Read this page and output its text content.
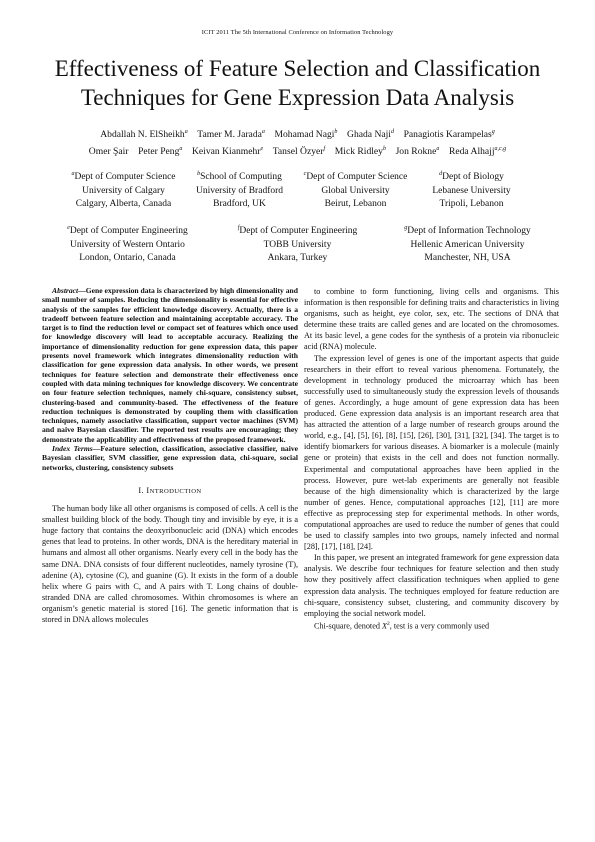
ICIT 2011 The 5th International Conference on Information Technology
Effectiveness of Feature Selection and Classification Techniques for Gene Expression Data Analysis
Abdallah N. ElSheikh$^a$  Tamer M. Jarada$^a$  Mohamad Nagi$^b$  Ghada Naji$^d$  Panagiotis Karampelas$^g$
Omer Şair  Peter Peng$^a$  Keivan Kianmehr$^e$  Tansel Özyer$^f$  Mick Ridley$^b$  Jon Rokne$^a$  Reda Alhajj$^{a,c,g}$
$^a$Dept of Computer Science
University of Calgary
Calgary, Alberta, Canada
$^b$School of Computing
University of Bradford
Bradford, UK
$^c$Dept of Computer Science
Global University
Beirut, Lebanon
$^d$Dept of Biology
Lebanese University
Tripoli, Lebanon
$^e$Dept of Computer Engineering
University of Western Ontario
London, Ontario, Canada
$^f$Dept of Computer Engineering
TOBB University
Ankara, Turkey
$^g$Dept of Information Technology
Hellenic American University
Manchester, NH, USA

Abstract—Gene expression data is characterized by high dimensionality and small number of samples. Reducing the dimensionality is essential for effective analysis of the samples for efficient knowledge discovery. Actually, there is a tradeoff between feature selection and maintaining acceptable accuracy. The target is to find the reduction level or compact set of features which once used for knowledge discovery will lead to acceptable accuracy. Realizing the importance of dimensionality reduction for gene expression data, this paper presents novel framework which integrates dimensionality reduction with classification for gene expression data analysis. In other words, we present techniques for feature selection and demonstrate their effectiveness once coupled with data mining techniques for knowledge discovery. We concentrate on four feature selection techniques, namely chi-square, consistency subset, clustering-based and community-based. The effectiveness of the feature reduction techniques is demonstrated by coupling them with classification techniques, namely associative classification, support vector machines (SVM) and naive Bayesian classifier. The reported test results are encouraging; they demonstrate the applicability and effectiveness of the proposed framework.

Index Terms—Feature selection, classification, associative classifier, naive Bayesian classifier, SVM classifier, gene expression data, chi-square, social networks, clustering, consistency subsets

I. INTRODUCTION

The human body like all other organisms is composed of cells. A cell is the smallest building block of the body. Though tiny and invisible by eye, it is a huge factory that contains the deoxyribonucleic acid (DNA) which encodes genes that lead to proteins. In other words, DNA is the hereditary material in humans and almost all other organisms. Nearly every cell in the body has the same DNA. DNA consists of four different nucleotides, namely tyrosine (T), adenine (A), cytosine (C), and guanine (G). It exists in the form of a double helix where G pairs with C, and A pairs with T. Long chains of double-stranded DNA are called chromosomes. Within chromosomes is where an organism’s genetic material is stored [16]. The genetic information that is stored in DNA allows molecules

to combine to form functioning, living cells and organisms. This information is then responsible for defining traits and characteristics in living organisms, such as height, eye color, sex, etc. The sections of DNA that determine these traits are called genes and are located on the chromosomes. At its basic level, a gene codes for the synthesis of a protein via ribonucleic acid (RNA) molecule.

The expression level of genes is one of the important aspects that guide researchers in their effort to reveal various phenomena. Fortunately, the development in technology produced the microarray which has been successfully used to simultaneously study the expression levels of thousands of genes. Accordingly, a huge amount of gene expression data has been produced. Gene expression data analysis is an important research area that has attracted the attention of a large number of research groups around the world, e.g., [4], [5], [6], [8], [15], [26], [30], [31], [32], [34]. The target is to identify biomarkers for various diseases. A biomarker is a molecule (mainly gene or protein) that exists in the cell and does not function normally. Experimental and computational approaches have been applied in the process. However, pure wet-lab experiments are generally not feasible because of the high dimensionality which is characterized by the large number of genes. Hence, computational approaches [12], [11] are more effective as preprocessing step for experimental methods. In other words, computational approaches are used to reduce the number of genes that could be used to classify samples into two groups, namely infected and normal [28], [17], [18], [24].

In this paper, we present an integrated framework for gene expression data analysis. We describe four techniques for feature selection and then study how they positively affect classification techniques when applied to gene expression data analysis. The techniques employed for feature reduction are chi-square, consistency subset, clustering, and community discovery by employing the social network model.

Chi-square, denoted $X^2$, test is a very commonly used
